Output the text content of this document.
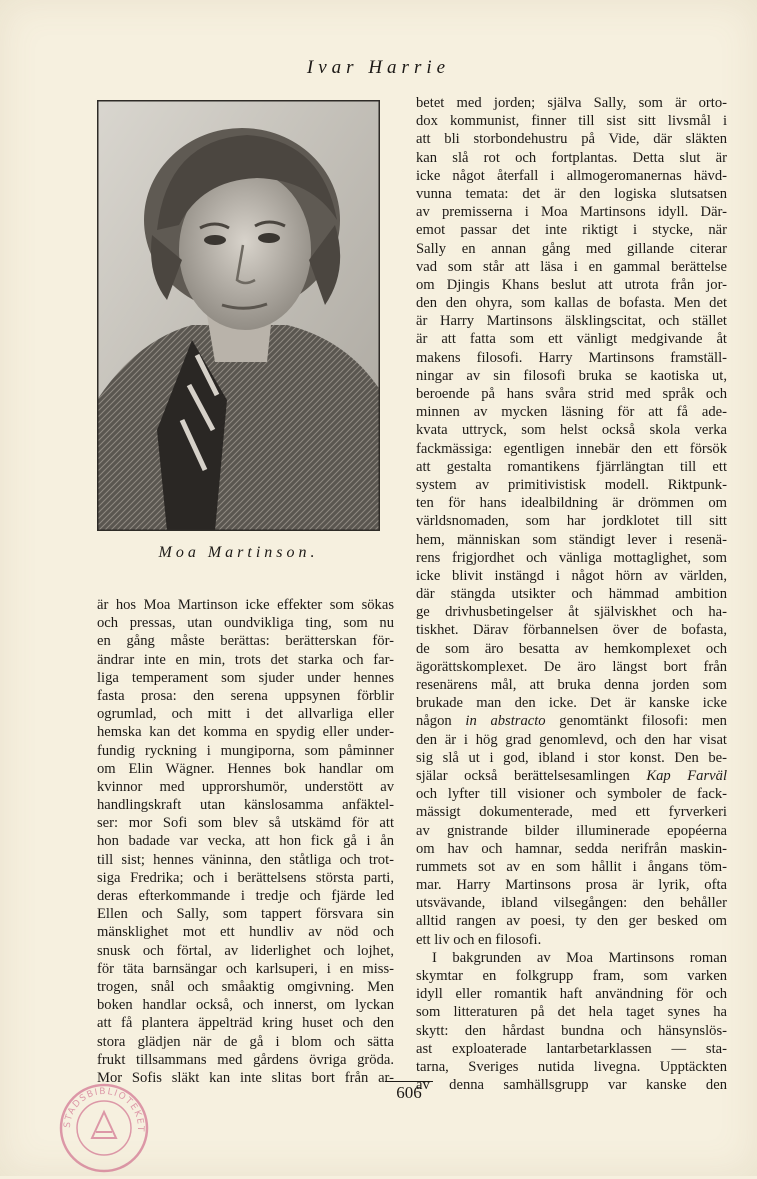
Ivar Harrie
Moa Martinson.
är hos Moa Martinson icke effekter som sökas
och pressas, utan oundvikliga ting, som nu
en gång måste berättas: berätterskan för-
ändrar inte en min, trots det starka och far-
liga temperament som sjuder under hennes
fasta prosa: den serena uppsynen förblir
ogrumlad, och mitt i det allvarliga eller
hemska kan det komma en spydig eller under-
fundig ryckning i mungiporna, som påminner
om Elin Wägner. Hennes bok handlar om
kvinnor med upprorshumör, understött av
handlingskraft utan känslosamma anfäktel-
ser: mor Sofi som blev så utskämd för att
hon badade var vecka, att hon fick gå i ån
till sist; hennes väninna, den ståtliga och trot-
siga Fredrika; och i berättelsens största parti,
deras efterkommande i tredje och fjärde led
Ellen och Sally, som tappert försvara sin
mänsklighet mot ett hundliv av nöd och
snusk och förtal, av liderlighet och lojhet,
för täta barnsängar och karlsuperi, i en miss-
trogen, snål och småaktig omgivning. Men
boken handlar också, och innerst, om lyckan
att få plantera äppelträd kring huset och den
stora glädjen när de gå i blom och sätta
frukt tillsammans med gårdens övriga gröda.
Mor Sofis släkt kan inte slitas bort från ar-
betet med jorden; själva Sally, som är orto-
dox kommunist, finner till sist sitt livsmål i
att bli storbondehustru på Vide, där släkten
kan slå rot och fortplantas. Detta slut är
icke något återfall i allmogeromanernas hävd-
vunna temata: det är den logiska slutsatsen
av premisserna i Moa Martinsons idyll. Där-
emot passar det inte riktigt i stycke, när
Sally en annan gång med gillande citerar
vad som står att läsa i en gammal berättelse
om Djingis Khans beslut att utrota från jor-
den den ohyra, som kallas de bofasta. Men det
är Harry Martinsons älsklingscitat, och stället
är att fatta som ett vänligt medgivande åt
makens filosofi. Harry Martinsons framställ-
ningar av sin filosofi bruka se kaotiska ut,
beroende på hans svåra strid med språk och
minnen av mycken läsning för att få ade-
kvata uttryck, som helst också skola verka
fackmässiga: egentligen innebär den ett försök
att gestalta romantikens fjärrlängtan till ett
system av primitivistisk modell. Riktpunk-
ten för hans idealbildning är drömmen om
världsnomaden, som har jordklotet till sitt
hem, människan som ständigt lever i resenä-
rens frigjordhet och vänliga mottaglighet, som
icke blivit instängd i något hörn av världen,
där stängda utsikter och hämmad ambition
ge drivhusbetingelser åt själviskhet och ha-
tiskhet. Därav förbannelsen över de bofasta,
de som äro besatta av hemkomplexet och
ägorättskomplexet. De äro längst bort från
resenärens mål, att bruka denna jorden som
brukade man den icke. Det är kanske icke
någon in abstracto genomtänkt filosofi: men
den är i hög grad genomlevd, och den har visat
sig slå ut i god, ibland i stor konst. Den be-
själar också berättelsesamlingen Kap Farväl
och lyfter till visioner och symboler de fack-
mässigt dokumenterade, med ett fyrverkeri
av gnistrande bilder illuminerade epopéerna
om hav och hamnar, sedda nerifrån maskin-
rummets sot av en som hållit i ångans töm-
mar. Harry Martinsons prosa är lyrik, ofta
utsvävande, ibland vilsegången: den behåller
alltid rangen av poesi, ty den ger besked om
ett liv och en filosofi.
I bakgrunden av Moa Martinsons roman
skymtar en folkgrupp fram, som varken
idyll eller romantik haft användning för och
som litteraturen på det hela taget synes ha
skytt: den hårdast bundna och hänsynslös-
ast exploaterade lantarbetarklassen — sta-
tarna, Sveriges nutida livegna. Upptäckten
av denna samhällsgrupp var kanske den
606
STADSBIBLIOTEKET
